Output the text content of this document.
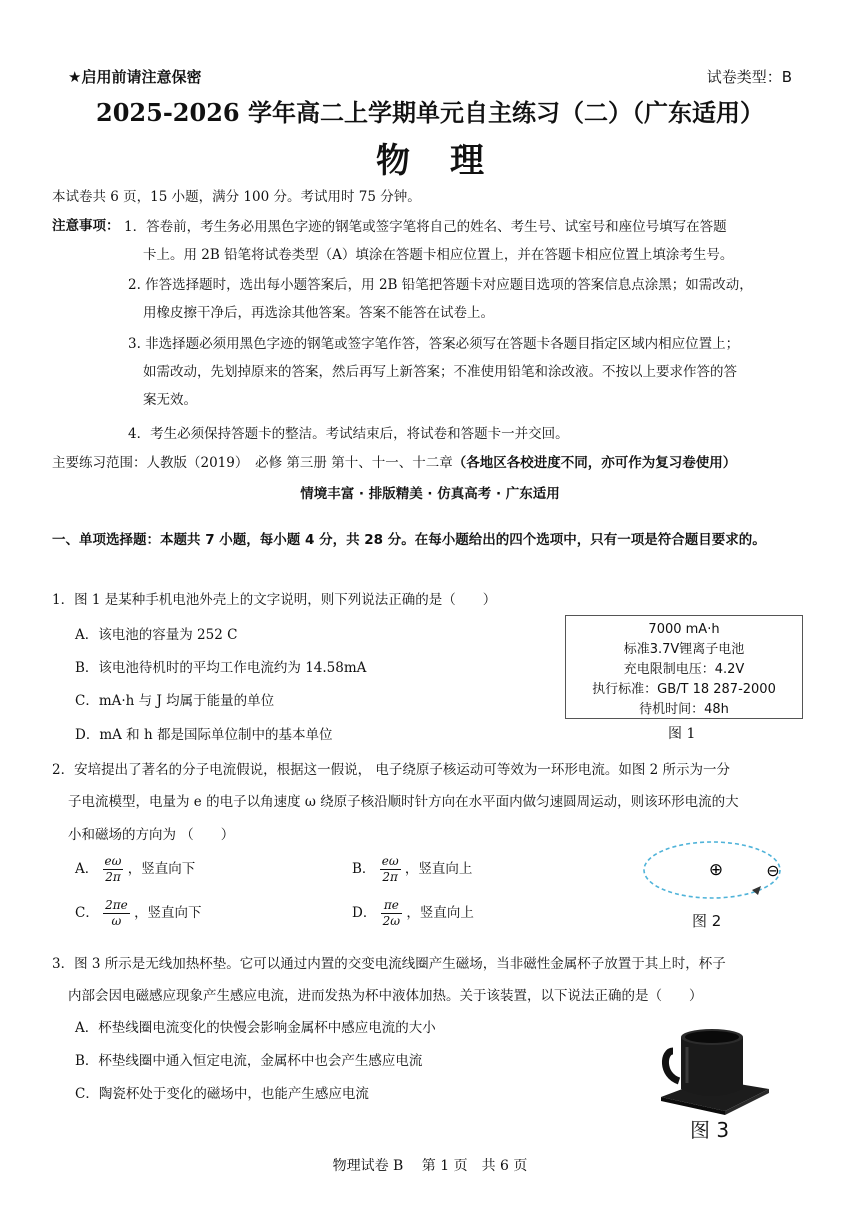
★启用前请注意保密	试卷类型：B
2025-2026 学年高二上学期单元自主练习（二）（广东适用）
物理
本试卷共 6 页，15 小题，满分 100 分。考试用时 75 分钟。
注意事项： 1．答卷前，考生务必用黑色字迹的钢笔或签字笔将自己的姓名、考生号、试室号和座位号填写在答题
卡上。用 2B 铅笔将试卷类型（A）填涂在答题卡相应位置上，并在答题卡相应位置上填涂考生号。
2. 作答选择题时，选出每小题答案后，用 2B 铅笔把答题卡对应题目选项的答案信息点涂黑；如需改动，
用橡皮擦干净后，再选涂其他答案。答案不能答在试卷上。
3. 非选择题必须用黑色字迹的钢笔或签字笔作答，答案必须写在答题卡各题目指定区域内相应位置上；
如需改动，先划掉原来的答案，然后再写上新答案；不准使用铅笔和涂改液。不按以上要求作答的答
案无效。
4．考生必须保持答题卡的整洁。考试结束后，将试卷和答题卡一并交回。
主要练习范围：人教版（2019）　必修 第三册 第十、十一、十二章（各地区各校进度不同，亦可作为复习卷使用）
情境丰富 · 排版精美 · 仿真高考 · 广东适用
一、单项选择题：本题共 7 小题，每小题 4 分，共 28 分。在每小题给出的四个选项中，只有一项是符合题目要求的。
1．图 1 是某种手机电池外壳上的文字说明，则下列说法正确的是（　　）
A．该电池的容量为 252 C
B．该电池待机时的平均工作电流约为 14.58mA
C．mA·h 与 J 均属于能量的单位
D．mA 和 h 都是国际单位制中的基本单位
7000 mA·h
标准3.7V锂离子电池
充电限制电压：4.2V
执行标准：GB/T 18 287-2000
待机时间：48h
图 1
2．安培提出了著名的分子电流假说，根据这一假说， 电子绕原子核运动可等效为一环形电流。如图 2 所示为一分
子电流模型，电量为 e 的电子以角速度 ω 绕原子核沿顺时针方向在水平面内做匀速圆周运动，则该环形电流的大
小和磁场的方向为 （　　）
A． $\frac{e\omega}{2\pi}$ ，竖直向下	B． $\frac{e\omega}{2\pi}$ ，竖直向上
C． $\frac{2\pi e}{\omega}$ ，竖直向下	D． $\frac{\pi e}{2\omega}$ ，竖直向上
⊕	⊖
图 2
3．图 3 所示是无线加热杯垫。它可以通过内置的交变电流线圈产生磁场，当非磁性金属杯子放置于其上时，杯子
内部会因电磁感应现象产生感应电流，进而发热为杯中液体加热。关于该装置，以下说法正确的是（　　）
A．杯垫线圈电流变化的快慢会影响金属杯中感应电流的大小
B．杯垫线圈中通入恒定电流，金属杯中也会产生感应电流
C．陶瓷杯处于变化的磁场中，也能产生感应电流
图 3
物理试卷 B　 第 1 页　共 6 页
